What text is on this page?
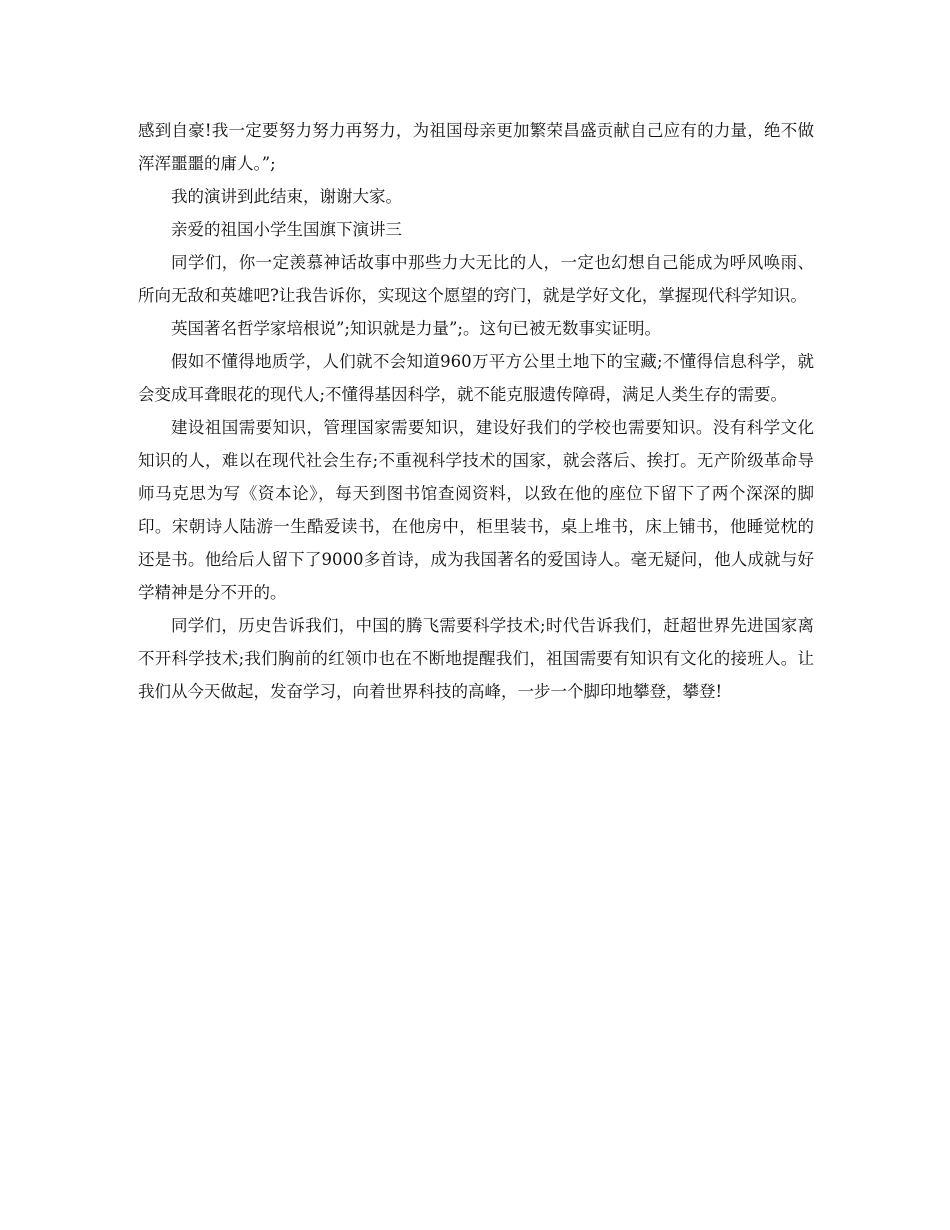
感到自豪!我一定要努力努力再努力，为祖国母亲更加繁荣昌盛贡献自己应有的力量，绝不做浑浑噩噩的庸人。”;

我的演讲到此结束，谢谢大家。

亲爱的祖国小学生国旗下演讲三

同学们，你一定羡慕神话故事中那些力大无比的人，一定也幻想自己能成为呼风唤雨、所向无敌和英雄吧?让我告诉你，实现这个愿望的窍门，就是学好文化，掌握现代科学知识。

英国著名哲学家培根说”;知识就是力量”;。这句已被无数事实证明。

假如不懂得地质学，人们就不会知道960万平方公里土地下的宝藏;不懂得信息科学，就会变成耳聋眼花的现代人;不懂得基因科学，就不能克服遗传障碍，满足人类生存的需要。

建设祖国需要知识，管理国家需要知识，建设好我们的学校也需要知识。没有科学文化知识的人，难以在现代社会生存;不重视科学技术的国家，就会落后、挨打。无产阶级革命导师马克思为写《资本论》，每天到图书馆查阅资料，以致在他的座位下留下了两个深深的脚印。宋朝诗人陆游一生酷爱读书，在他房中，柜里装书，桌上堆书，床上铺书，他睡觉枕的还是书。他给后人留下了9000多首诗，成为我国著名的爱国诗人。毫无疑问，他人成就与好学精神是分不开的。

同学们，历史告诉我们，中国的腾飞需要科学技术;时代告诉我们，赶超世界先进国家离不开科学技术;我们胸前的红领巾也在不断地提醒我们，祖国需要有知识有文化的接班人。让我们从今天做起，发奋学习，向着世界科技的高峰，一步一个脚印地攀登，攀登!
